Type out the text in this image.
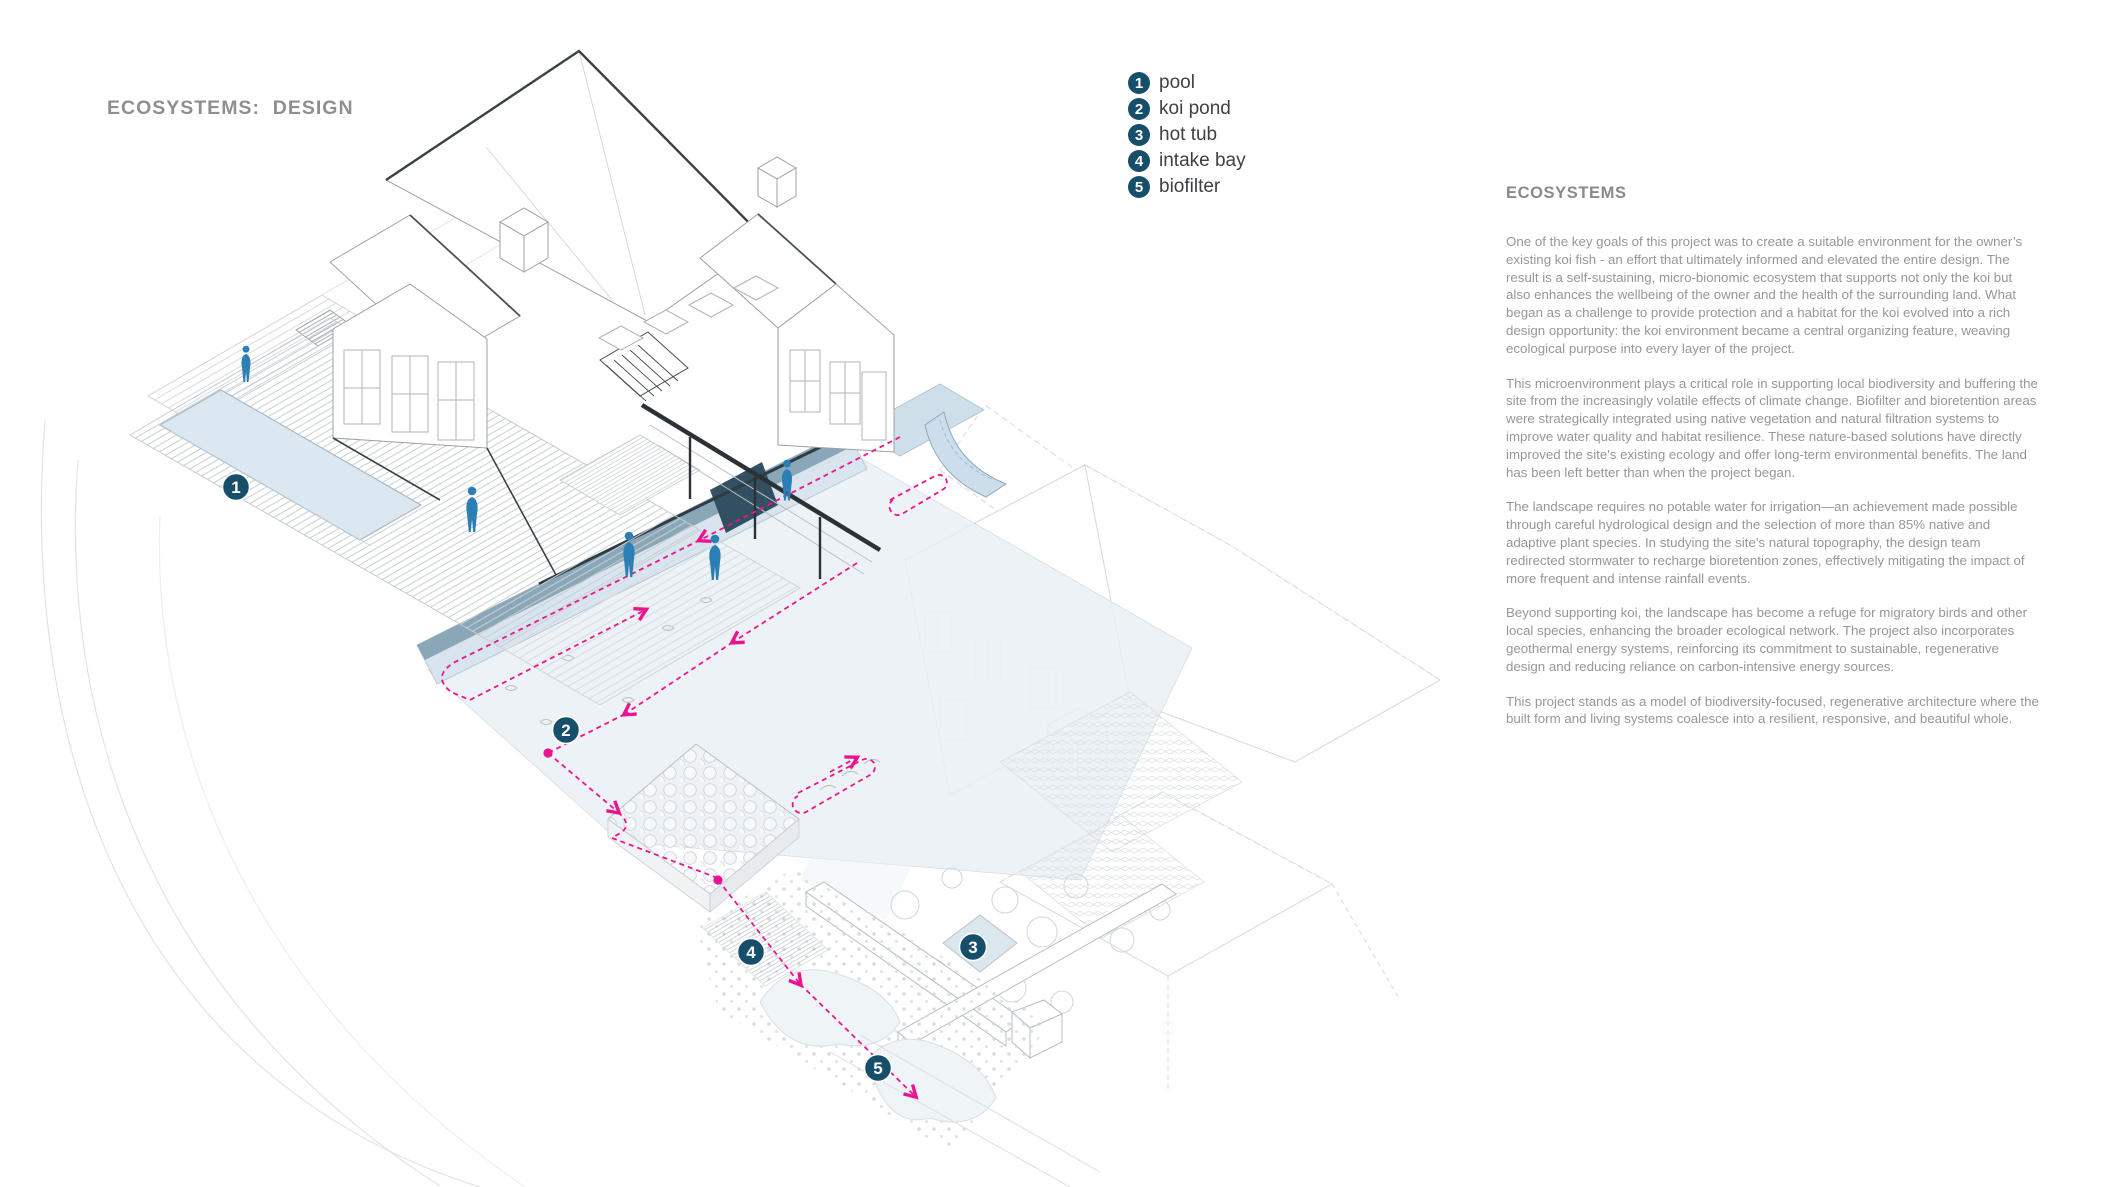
1
2
3
4
5
ECOSYSTEMS:  DESIGN
1 pool
2 koi pond
3 hot tub
4 intake bay
5 biofilter	ECOSYSTEMS

One of the key goals of this project was to create a suitable environment for the owner’s existing koi fish - an effort that ultimately informed and elevated the entire design. The result is a self-sustaining, micro-bionomic ecosystem that supports not only the koi but also enhances the wellbeing of the owner and the health of the surrounding land. What began as a challenge to provide protection and a habitat for the koi evolved into a rich design opportunity: the koi environment became a central organizing feature, weaving ecological purpose into every layer of the project.

This microenvironment plays a critical role in supporting local biodiversity and buffering the site from the increasingly volatile effects of climate change. Biofilter and bioretention areas were strategically integrated using native vegetation and natural filtration systems to improve water quality and habitat resilience. These nature-based solutions have directly improved the site's existing ecology and offer long-term environmental benefits. The land has been left better than when the project began.

The landscape requires no potable water for irrigation—an achievement made possible through careful hydrological design and the selection of more than 85% native and adaptive plant species. In studying the site's natural topography, the design team redirected stormwater to recharge bioretention zones, effectively mitigating the impact of more frequent and intense rainfall events.

Beyond supporting koi, the landscape has become a refuge for migratory birds and other local species, enhancing the broader ecological network. The project also incorporates geothermal energy systems, reinforcing its commitment to sustainable, regenerative design and reducing reliance on carbon-intensive energy sources.

This project stands as a model of biodiversity-focused, regenerative architecture where the built form and living systems coalesce into a resilient, responsive, and beautiful whole.
